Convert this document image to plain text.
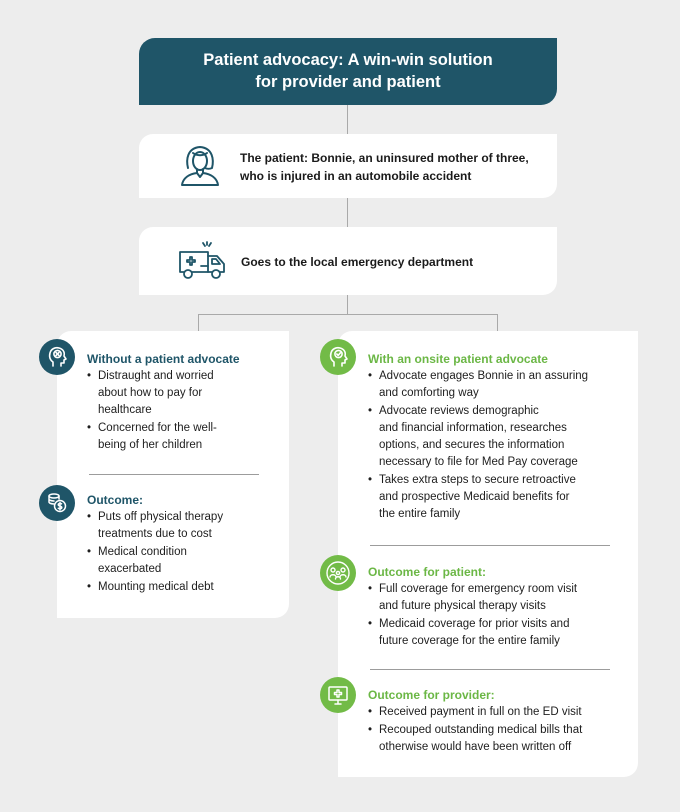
Patient advocacy: A win-win solution
for provider and patient
The patient: Bonnie, an uninsured mother of three,
who is injured in an automobile accident
Goes to the local emergency department
Without a patient advocate
• Distraught and worried
about how to pay for
healthcare
• Concerned for the well-
being of her children
Outcome:
• Puts off physical therapy
treatments due to cost
• Medical condition
exacerbated
• Mounting medical debt
With an onsite patient advocate
• Advocate engages Bonnie in an assuring
and comforting way
• Advocate reviews demographic
and financial information, researches
options, and secures the information
necessary to file for Med Pay coverage
• Takes extra steps to secure retroactive
and prospective Medicaid benefits for
the entire family
Outcome for patient:
• Full coverage for emergency room visit
and future physical therapy visits
• Medicaid coverage for prior visits and
future coverage for the entire family
Outcome for provider:
• Received payment in full on the ED visit
• Recouped outstanding medical bills that
otherwise would have been written off
